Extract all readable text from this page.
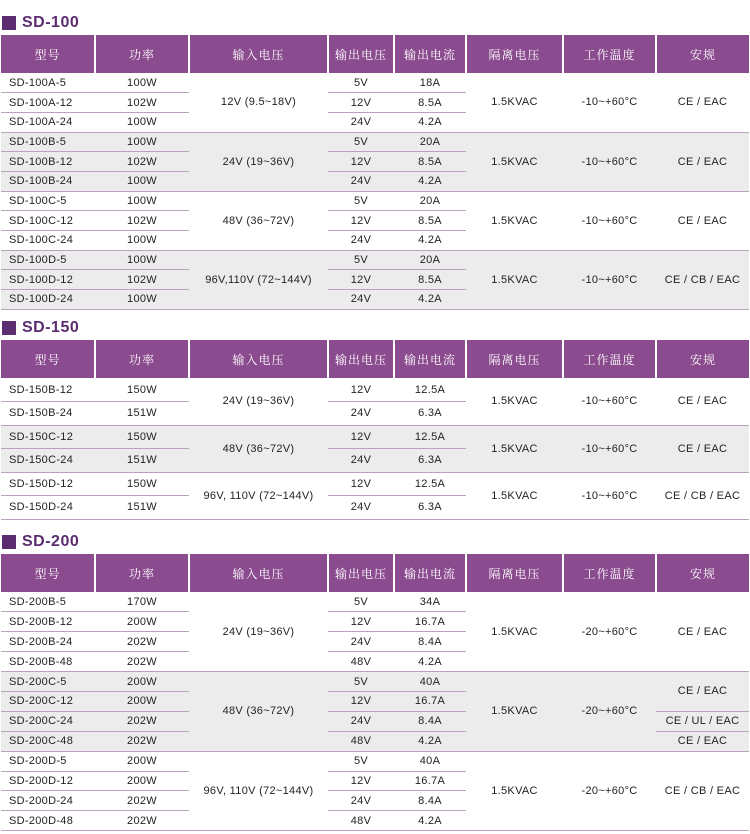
SD-100
型号	功率	输入电压	输出电压	输出电流	隔离电压	工作温度	安规
SD-100A-5	100W	12V (9.5~18V)	5V	18A	1.5KVAC	-10~+60°C	CE / EAC
SD-100A-12	102W		12V	8.5A			
SD-100A-24	100W		24V	4.2A			
SD-100B-5	100W	24V (19~36V)	5V	20A	1.5KVAC	-10~+60°C	CE / EAC
SD-100B-12	102W		12V	8.5A			
SD-100B-24	100W		24V	4.2A			
SD-100C-5	100W	48V (36~72V)	5V	20A	1.5KVAC	-10~+60°C	CE / EAC
SD-100C-12	102W		12V	8.5A			
SD-100C-24	100W		24V	4.2A			
SD-100D-5	100W	96V,110V (72~144V)	5V	20A	1.5KVAC	-10~+60°C	CE / CB / EAC
SD-100D-12	102W		12V	8.5A			
SD-100D-24	100W		24V	4.2A			
SD-150
型号	功率	输入电压	输出电压	输出电流	隔离电压	工作温度	安规
SD-150B-12	150W	24V (19~36V)	12V	12.5A	1.5KVAC	-10~+60°C	CE / EAC
SD-150B-24	151W		24V	6.3A			
SD-150C-12	150W	48V (36~72V)	12V	12.5A	1.5KVAC	-10~+60°C	CE / EAC
SD-150C-24	151W		24V	6.3A			
SD-150D-12	150W	96V, 110V (72~144V)	12V	12.5A	1.5KVAC	-10~+60°C	CE / CB / EAC
SD-150D-24	151W		24V	6.3A			
SD-200
型号	功率	输入电压	输出电压	输出电流	隔离电压	工作温度	安规
SD-200B-5	170W	24V (19~36V)	5V	34A	1.5KVAC	-20~+60°C	CE / EAC
SD-200B-12	200W		12V	16.7A			
SD-200B-24	202W		24V	8.4A			
SD-200B-48	202W		48V	4.2A			
SD-200C-5	200W	48V (36~72V)	5V	40A	1.5KVAC	-20~+60°C	CE / EAC
SD-200C-12	200W		12V	16.7A			
SD-200C-24	202W		24V	8.4A			CE / UL / EAC
SD-200C-48	202W		48V	4.2A			CE / EAC
SD-200D-5	200W	96V, 110V (72~144V)	5V	40A	1.5KVAC	-20~+60°C	CE / CB / EAC
SD-200D-12	200W		12V	16.7A			
SD-200D-24	202W		24V	8.4A			
SD-200D-48	202W		48V	4.2A			
